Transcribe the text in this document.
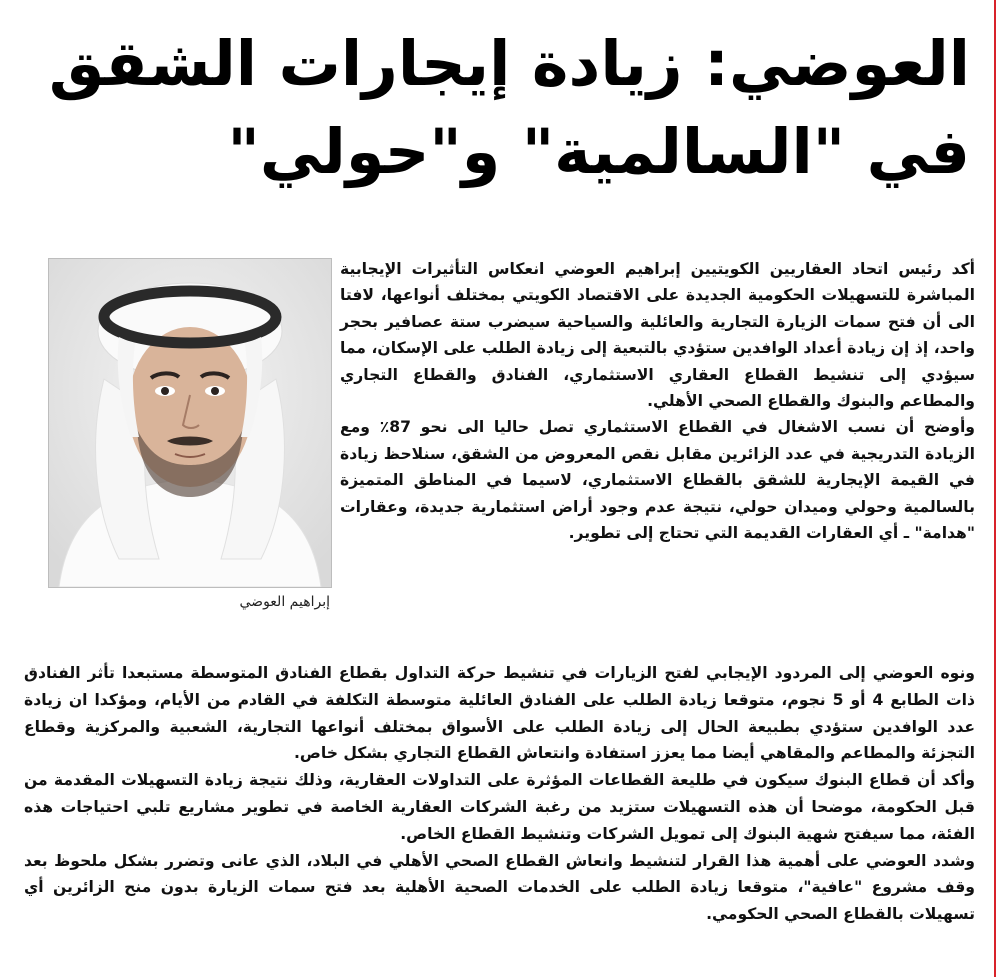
العوضي: زيادة إيجارات الشقق
في "السالمية" و"حولي"
إبراهيم العوضي

أكد رئيس اتحاد العقاريين الكويتيين إبراهيم العوضي انعكاس التأثيرات الإيجابية المباشرة للتسهيلات الحكومية الجديدة على الاقتصاد الكويتي بمختلف أنواعها، لافتا الى أن فتح سمات الزيارة التجارية والعائلية والسياحية سيضرب ستة عصافير بحجر واحد، إذ إن زيادة أعداد الوافدين ستؤدي بالتبعية إلى زيادة الطلب على الإسكان، مما سيؤدي إلى تنشيط القطاع العقاري الاستثماري، الفنادق والقطاع التجاري والمطاعم والبنوك والقطاع الصحي الأهلي.

وأوضح أن نسب الاشغال في القطاع الاستثماري تصل حاليا الى نحو 87٪ ومع الزيادة التدريجية في عدد الزائرين مقابل نقص المعروض من الشقق، سنلاحظ زيادة في القيمة الإيجارية للشقق بالقطاع الاستثماري، لاسيما في المناطق المتميزة بالسالمية وحولي وميدان حولي، نتيجة عدم وجود أراض استثمارية جديدة، وعقارات "هدامة" ـ أي العقارات القديمة التي تحتاج إلى تطوير.

ونوه العوضي إلى المردود الإيجابي لفتح الزيارات في تنشيط حركة التداول بقطاع الفنادق المتوسطة مستبعدا تأثر الفنادق ذات الطابع 4 أو 5 نجوم، متوقعا زيادة الطلب على الفنادق العائلية متوسطة التكلفة في القادم من الأيام، ومؤكدا ان زيادة عدد الوافدين ستؤدي بطبيعة الحال إلى زيادة الطلب على الأسواق بمختلف أنواعها التجارية، الشعبية والمركزية وقطاع التجزئة والمطاعم والمقاهي أيضا مما يعزز استفادة وانتعاش القطاع التجاري بشكل خاص.

وأكد أن قطاع البنوك سيكون في طليعة القطاعات المؤثرة على التداولات العقارية، وذلك نتيجة زيادة التسهيلات المقدمة من قبل الحكومة، موضحا أن هذه التسهيلات ستزيد من رغبة الشركات العقارية الخاصة في تطوير مشاريع تلبي احتياجات هذه الفئة، مما سيفتح شهية البنوك إلى تمويل الشركات وتنشيط القطاع الخاص.

وشدد العوضي على أهمية هذا القرار لتنشيط وانعاش القطاع الصحي الأهلي في البلاد، الذي عانى وتضرر بشكل ملحوظ بعد وقف مشروع "عافية"، متوقعا زيادة الطلب على الخدمات الصحية الأهلية بعد فتح سمات الزيارة بدون منح الزائرين أي تسهيلات بالقطاع الصحي الحكومي.
